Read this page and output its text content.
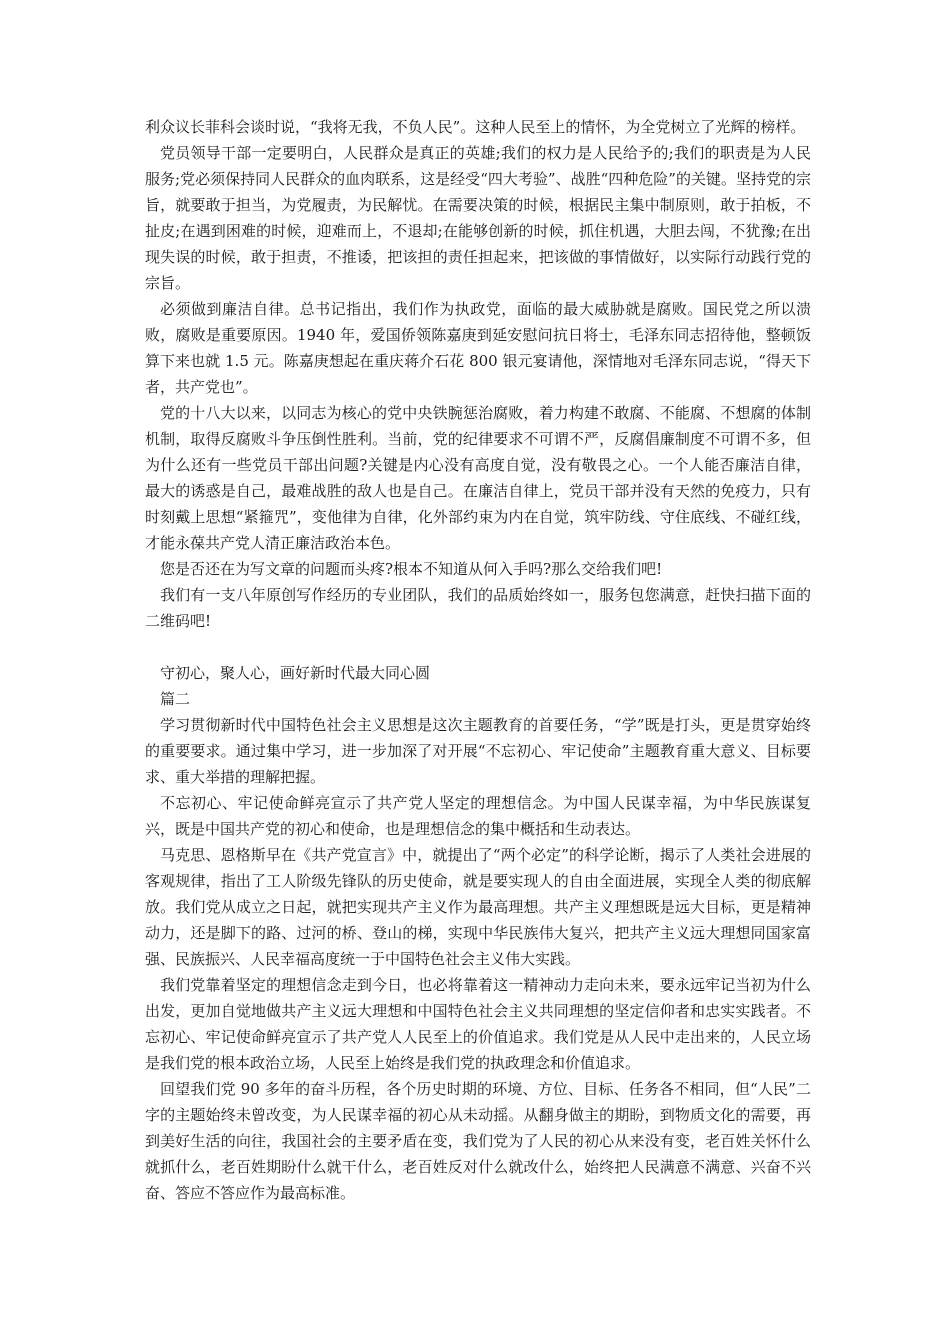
利众议长菲科会谈时说，“我将无我，不负人民”。这种人民至上的情怀，为全党树立了光辉的榜样。

党员领导干部一定要明白，人民群众是真正的英雄;我们的权力是人民给予的;我们的职责是为人民服务;党必须保持同人民群众的血肉联系，这是经受“四大考验”、战胜“四种危险”的关键。坚持党的宗旨，就要敢于担当，为党履责，为民解忧。在需要决策的时候，根据民主集中制原则，敢于拍板，不扯皮;在遇到困难的时候，迎难而上，不退却;在能够创新的时候，抓住机遇，大胆去闯，不犹豫;在出现失误的时候，敢于担责，不推诿，把该担的责任担起来，把该做的事情做好，以实际行动践行党的宗旨。

必须做到廉洁自律。总书记指出，我们作为执政党，面临的最大威胁就是腐败。国民党之所以溃败，腐败是重要原因。1940 年，爱国侨领陈嘉庚到延安慰问抗日将士，毛泽东同志招待他，整顿饭算下来也就 1.5 元。陈嘉庚想起在重庆蒋介石花 800 银元宴请他，深情地对毛泽东同志说，“得天下者，共产党也”。

党的十八大以来，以同志为核心的党中央铁腕惩治腐败，着力构建不敢腐、不能腐、不想腐的体制机制，取得反腐败斗争压倒性胜利。当前，党的纪律要求不可谓不严，反腐倡廉制度不可谓不多，但为什么还有一些党员干部出问题?关键是内心没有高度自觉，没有敬畏之心。一个人能否廉洁自律，最大的诱惑是自己，最难战胜的敌人也是自己。在廉洁自律上，党员干部并没有天然的免疫力，只有时刻戴上思想“紧箍咒”，变他律为自律，化外部约束为内在自觉，筑牢防线、守住底线、不碰红线，才能永葆共产党人清正廉洁政治本色。

您是否还在为写文章的问题而头疼?根本不知道从何入手吗?那么交给我们吧!

我们有一支八年原创写作经历的专业团队，我们的品质始终如一，服务包您满意，赶快扫描下面的二维码吧!

守初心，聚人心，画好新时代最大同心圆

篇二

学习贯彻新时代中国特色社会主义思想是这次主题教育的首要任务，“学”既是打头，更是贯穿始终的重要要求。通过集中学习，进一步加深了对开展“不忘初心、牢记使命”主题教育重大意义、目标要求、重大举措的理解把握。

不忘初心、牢记使命鲜亮宣示了共产党人坚定的理想信念。为中国人民谋幸福，为中华民族谋复兴，既是中国共产党的初心和使命，也是理想信念的集中概括和生动表达。

马克思、恩格斯早在《共产党宣言》中，就提出了“两个必定”的科学论断，揭示了人类社会进展的客观规律，指出了工人阶级先锋队的历史使命，就是要实现人的自由全面进展，实现全人类的彻底解放。我们党从成立之日起，就把实现共产主义作为最高理想。共产主义理想既是远大目标，更是精神动力，还是脚下的路、过河的桥、登山的梯，实现中华民族伟大复兴，把共产主义远大理想同国家富强、民族振兴、人民幸福高度统一于中国特色社会主义伟大实践。

我们党靠着坚定的理想信念走到今日，也必将靠着这一精神动力走向未来，要永远牢记当初为什么出发，更加自觉地做共产主义远大理想和中国特色社会主义共同理想的坚定信仰者和忠实实践者。不忘初心、牢记使命鲜亮宣示了共产党人人民至上的价值追求。我们党是从人民中走出来的，人民立场是我们党的根本政治立场，人民至上始终是我们党的执政理念和价值追求。

回望我们党 90 多年的奋斗历程，各个历史时期的环境、方位、目标、任务各不相同，但“人民”二字的主题始终未曾改变，为人民谋幸福的初心从未动摇。从翻身做主的期盼，到物质文化的需要，再到美好生活的向往，我国社会的主要矛盾在变，我们党为了人民的初心从来没有变，老百姓关怀什么就抓什么，老百姓期盼什么就干什么，老百姓反对什么就改什么，始终把人民满意不满意、兴奋不兴奋、答应不答应作为最高标准。
